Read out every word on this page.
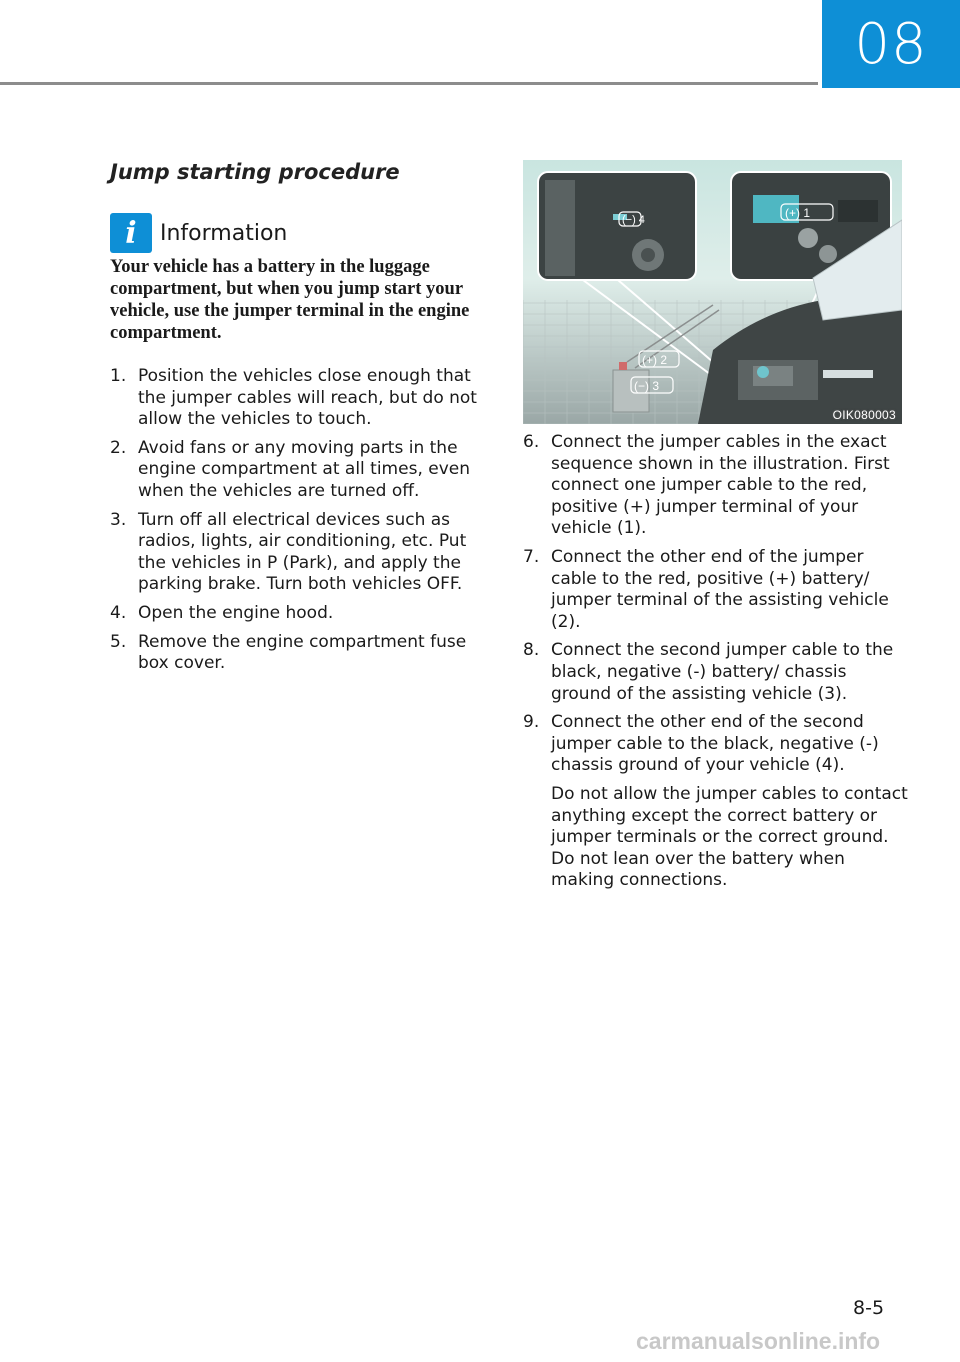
08
Jump starting procedure
i	Information
Your vehicle has a battery in the luggage compartment, but when you jump start your vehicle, use the jumper terminal in the engine compartment.
1. Position the vehicles close enough that the jumper cables will reach, but do not allow the vehicles to touch.
2. Avoid fans or any moving parts in the engine compartment at all times, even when the vehicles are turned off.
3. Turn off all electrical devices such as radios, lights, air conditioning, etc. Put the vehicles in P (Park), and apply the parking brake. Turn both vehicles OFF.
4. Open the engine hood.
5. Remove the engine compartment fuse box cover.
(−) 4	(+) 1
(+) 2
(−) 3
OIK080003
6. Connect the jumper cables in the exact sequence shown in the illustration. First connect one jumper cable to the red, positive (+) jumper terminal of your vehicle (1).
7. Connect the other end of the jumper cable to the red, positive (+) battery/ jumper terminal of the assisting vehicle (2).
8. Connect the second jumper cable to the black, negative (-) battery/ chassis ground of the assisting vehicle (3).
9. Connect the other end of the second jumper cable to the black, negative (-) chassis ground of your vehicle (4).
Do not allow the jumper cables to contact anything except the correct battery or jumper terminals or the correct ground. Do not lean over the battery when making connections.
8-5
carmanualsonline.info
